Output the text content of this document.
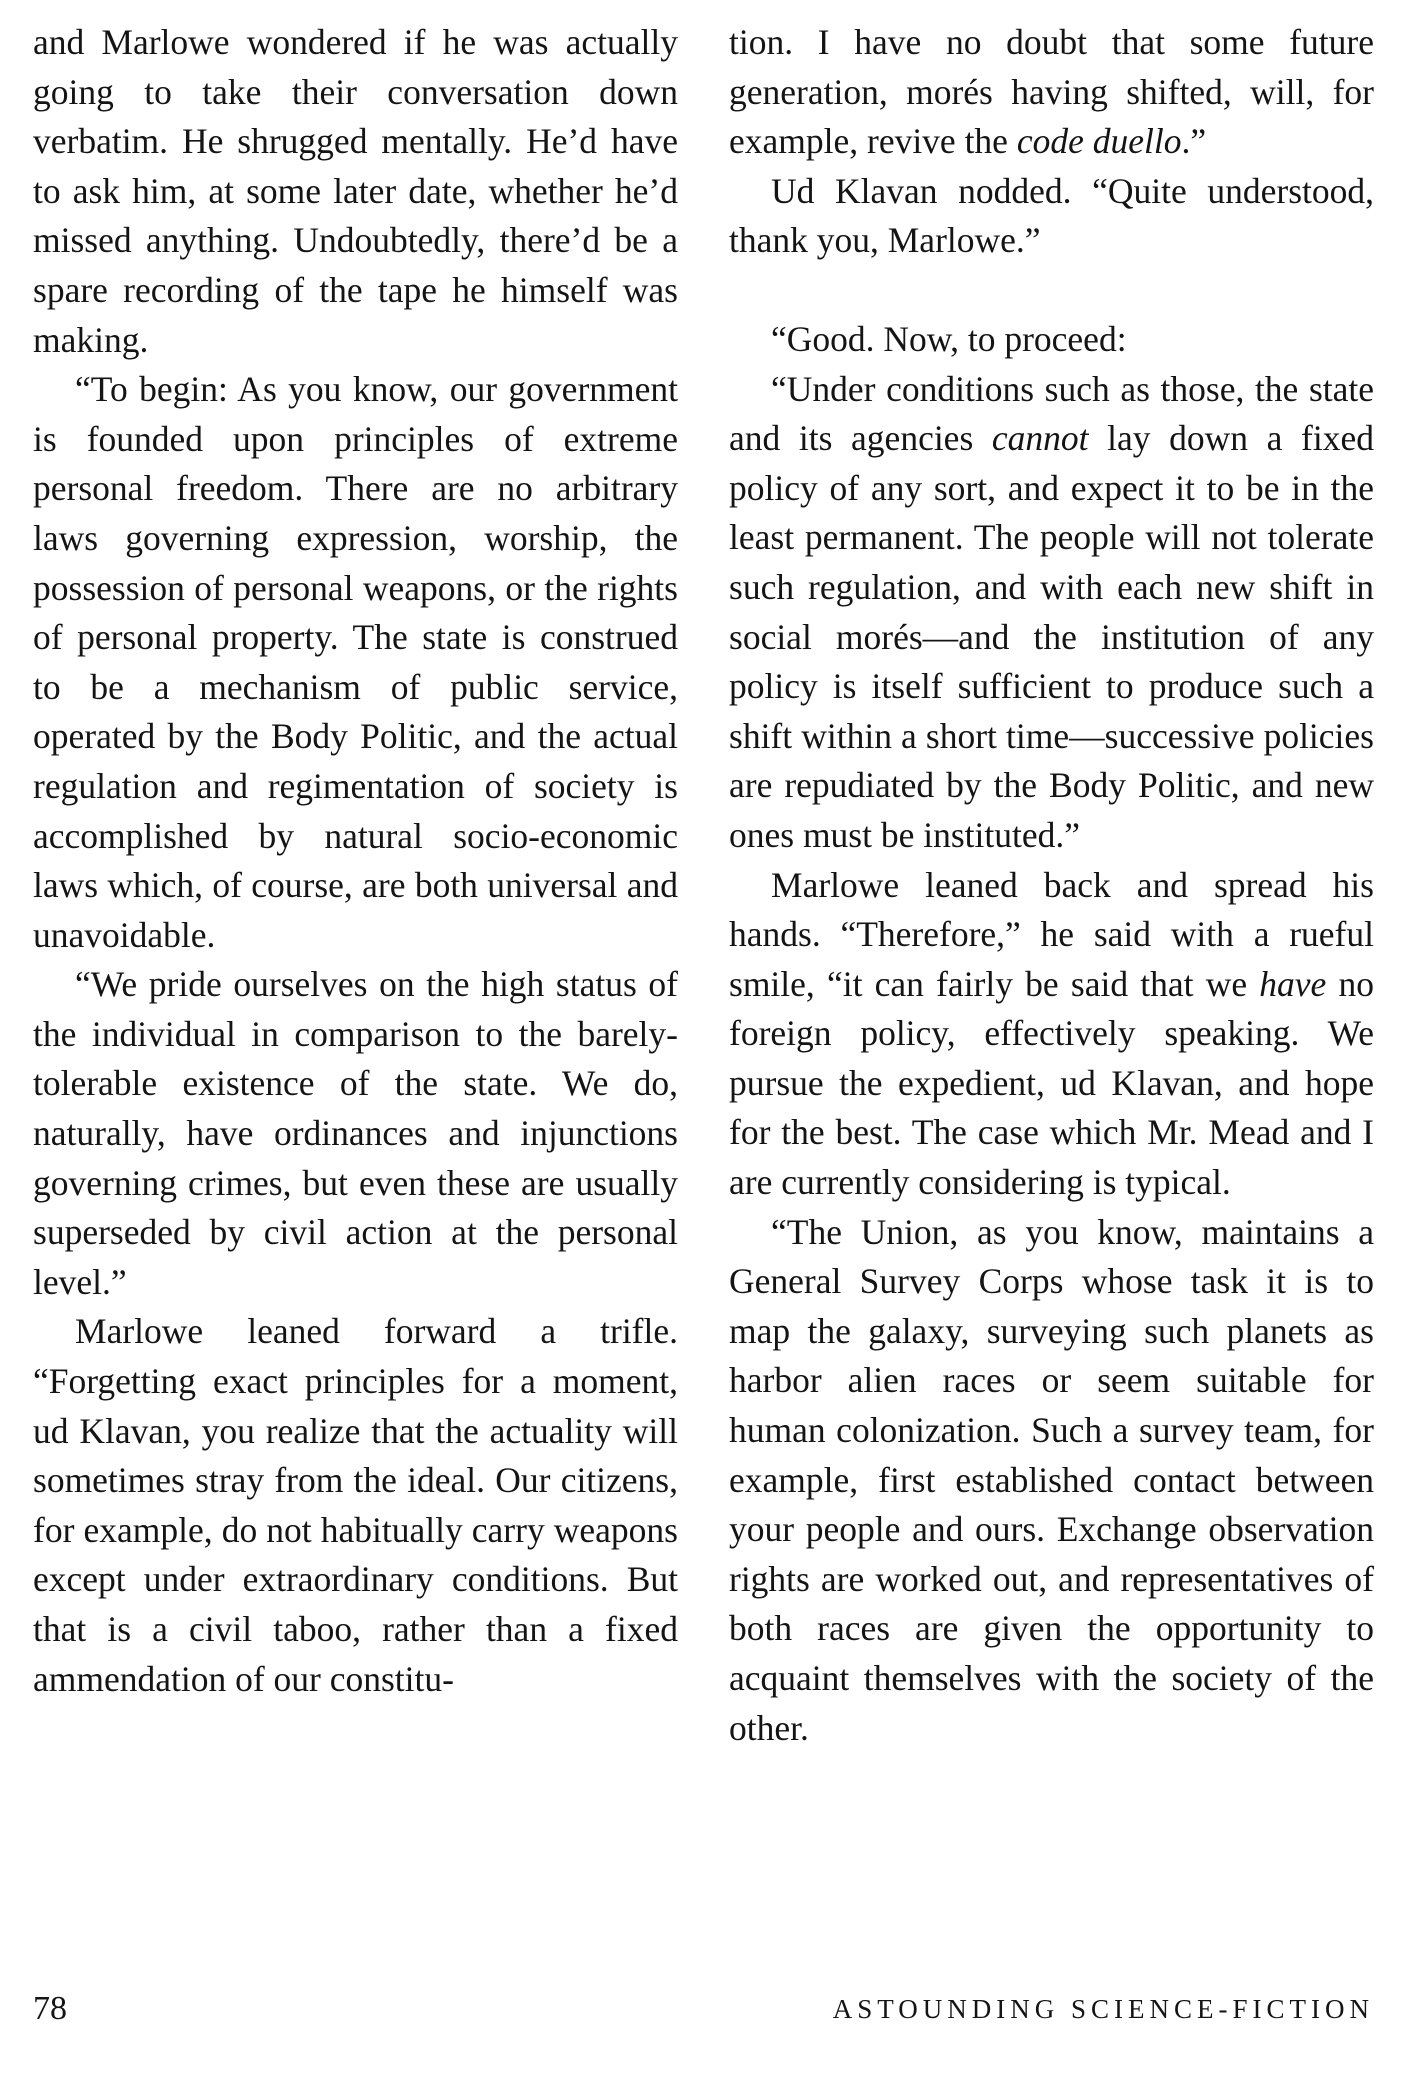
and Marlowe wondered if he was actually going to take their conversation down verbatim. He shrugged mentally. He’d have to ask him, at some later date, whether he’d missed anything. Undoubtedly, there’d be a spare recording of the tape he himself was making.

“To begin: As you know, our government is founded upon principles of extreme personal freedom. There are no arbitrary laws governing expression, worship, the possession of personal weapons, or the rights of personal property. The state is construed to be a mechanism of public service, operated by the Body Politic, and the actual regulation and regimentation of society is accomplished by natural socio-economic laws which, of course, are both universal and unavoidable.

“We pride ourselves on the high status of the individual in comparison to the barely-tolerable existence of the state. We do, naturally, have ordinances and injunctions governing crimes, but even these are usually superseded by civil action at the personal level.”

Marlowe leaned forward a trifle. “Forgetting exact principles for a moment, ud Klavan, you realize that the actuality will sometimes stray from the ideal. Our citizens, for example, do not habitually carry weapons except under extraordinary conditions. But that is a civil taboo, rather than a fixed ammendation of our constitu-

tion. I have no doubt that some future generation, morés having shifted, will, for example, revive the code duello.”

Ud Klavan nodded. “Quite understood, thank you, Marlowe.”

“Good. Now, to proceed:

“Under conditions such as those, the state and its agencies cannot lay down a fixed policy of any sort, and expect it to be in the least permanent. The people will not tolerate such regulation, and with each new shift in social morés—and the institution of any policy is itself sufficient to produce such a shift within a short time—successive policies are repudiated by the Body Politic, and new ones must be instituted.”

Marlowe leaned back and spread his hands. “Therefore,” he said with a rueful smile, “it can fairly be said that we have no foreign policy, effectively speaking. We pursue the expedient, ud Klavan, and hope for the best. The case which Mr. Mead and I are currently considering is typical.

“The Union, as you know, maintains a General Survey Corps whose task it is to map the galaxy, surveying such planets as harbor alien races or seem suitable for human colonization. Such a survey team, for example, first established contact between your people and ours. Exchange observation rights are worked out, and representatives of both races are given the opportunity to acquaint themselves with the society of the other.

78	ASTOUNDING SCIENCE-FICTION
